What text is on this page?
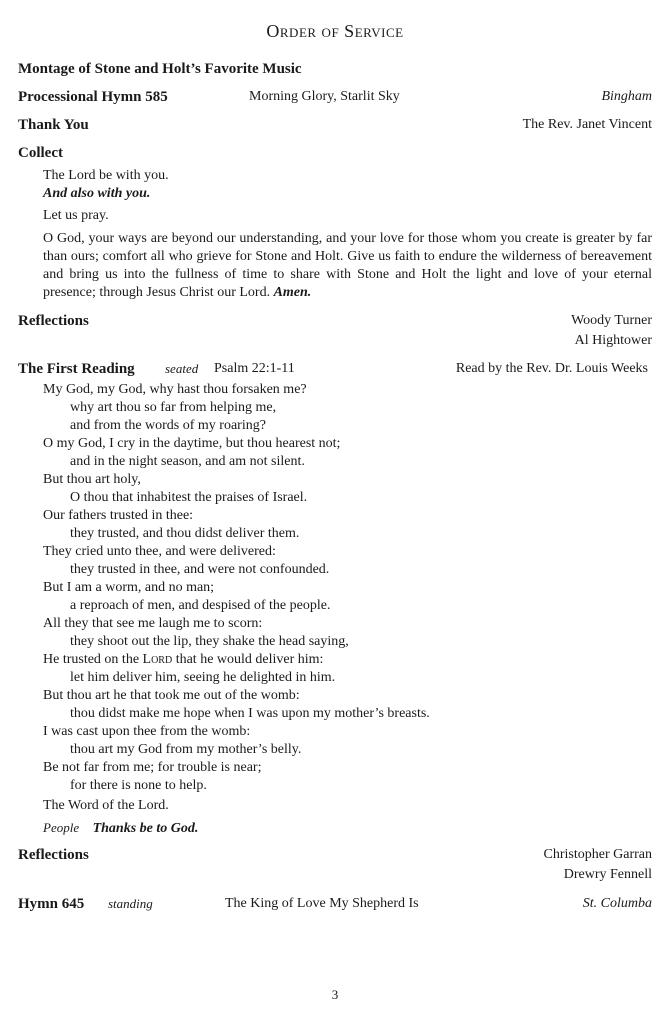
Order of Service
Montage of Stone and Holt’s Favorite Music
Processional Hymn 585	Morning Glory, Starlit Sky	Bingham
Thank You	The Rev. Janet Vincent
Collect
The Lord be with you.
And also with you.
Let us pray.
O God, your ways are beyond our understanding, and your love for those whom you create is greater by far than ours; comfort all who grieve for Stone and Holt. Give us faith to endure the wilderness of bereavement and bring us into the fullness of time to share with Stone and Holt the light and love of your eternal presence; through Jesus Christ our Lord. Amen.
Reflections	Woody Turner
Al Hightower
The First Reading seated Psalm 22:1-11	Read by the Rev. Dr. Louis Weeks
My God, my God, why hast thou forsaken me?
why art thou so far from helping me,
and from the words of my roaring?
O my God, I cry in the daytime, but thou hearest not;
and in the night season, and am not silent.
But thou art holy,
O thou that inhabitest the praises of Israel.
Our fathers trusted in thee:
they trusted, and thou didst deliver them.
They cried unto thee, and were delivered:
they trusted in thee, and were not confounded.
But I am a worm, and no man;
a reproach of men, and despised of the people.
All they that see me laugh me to scorn:
they shoot out the lip, they shake the head saying,
He trusted on the Lord that he would deliver him:
let him deliver him, seeing he delighted in him.
But thou art he that took me out of the womb:
thou didst make me hope when I was upon my mother’s breasts.
I was cast upon thee from the womb:
thou art my God from my mother’s belly.
Be not far from me; for trouble is near;
for there is none to help.
The Word of the Lord.
People Thanks be to God.
Reflections	Christopher Garran
Drewry Fennell
Hymn 645 standing	The King of Love My Shepherd Is	St. Columba
3
